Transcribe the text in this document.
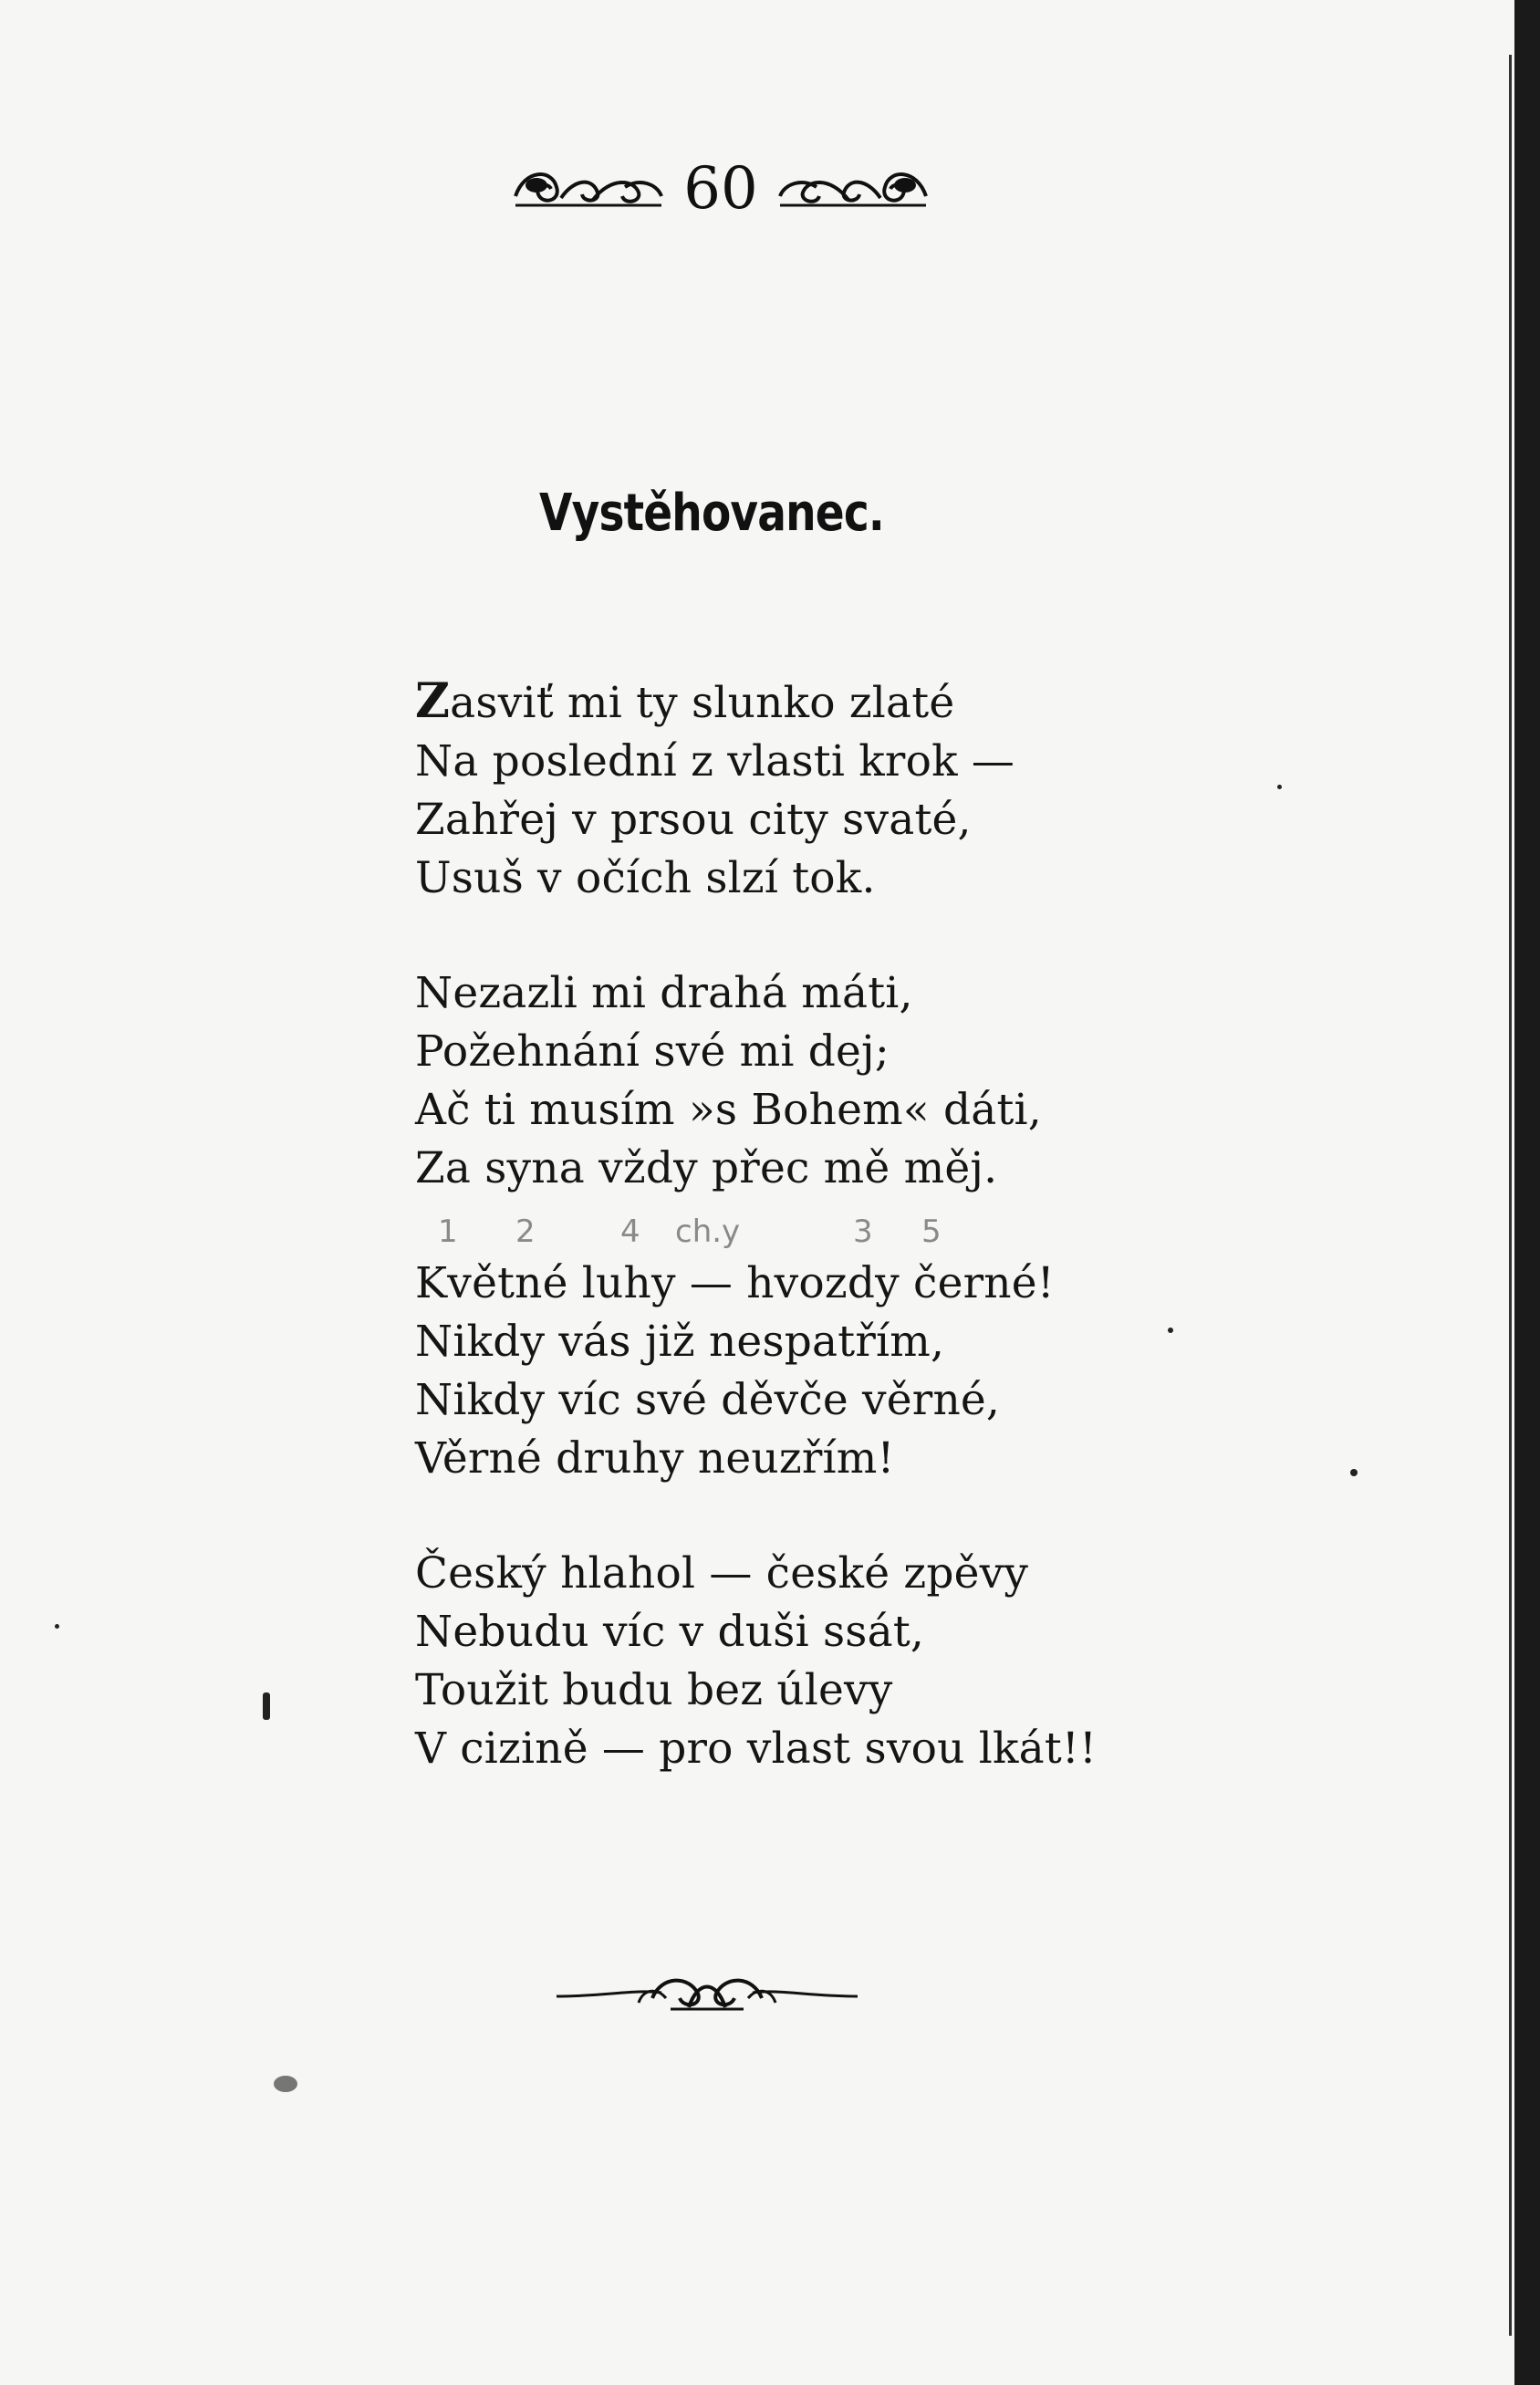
60
Vystěhovanec.
Zasviť mi ty slunko zlaté
Na poslední z vlasti krok —
Zahřej v prsou city svaté,
Usuš v očích slzí tok.
Nezazli mi drahá máti,
Požehnání své mi dej;
Ač ti musím »s Bohem« dáti,
Za syna vždy přec mě měj.
Květné luhy — hvozdy černé!
Nikdy vás již nespatřím,
Nikdy víc své děvče věrné,
Věrné druhy neuzřím!
Český hlahol — české zpěvy
Nebudu víc v duši ssát,
Toužit budu bez úlevy
V cizině — pro vlast svou lkát!!
1 2	4 ch.y	3 5
